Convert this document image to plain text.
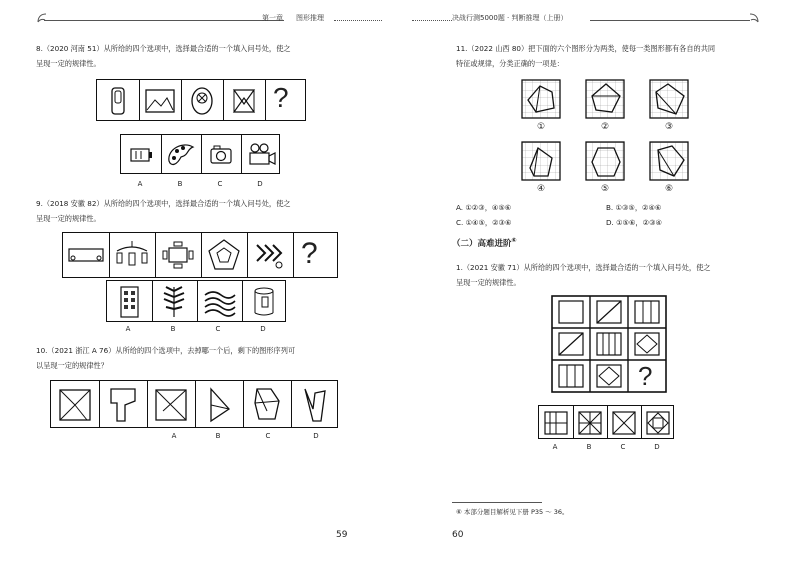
第一章 图形推理	决战行测5000题 · 判断推理（上册）
8.（2020 河南 51）从所给的四个选项中，选择最合适的一个填入问号处，使之
呈现一定的规律性。
?
A	B	C	D
9.（2018 安徽 82）从所给的四个选项中，选择最合适的一个填入问号处，使之
呈现一定的规律性。
?
A	B	C	D
10.（2021 浙江 A 76）从所给的四个选项中，去掉哪一个后，剩下的图形序列可
以呈现一定的规律性？
A	B	C	D
59
11.（2022 山西 80）把下面的六个图形分为两类，使每一类图形都有各自的共同
特征或规律，分类正确的一项是：
①	②	③
④	⑤	⑥
A. ①②③，④⑤⑥	B. ①③⑤，②④⑥
C. ①④⑤，②③⑥	D. ①⑤⑥，②③④
（二）高难进阶⑥
1.（2021 安徽 71）从所给的四个选项中，选择最合适的一个填入问号处，使之
呈现一定的规律性。
?
A	B	C	D
⑥ 本部分题目解析见下册 P35 ～ 36。
60
